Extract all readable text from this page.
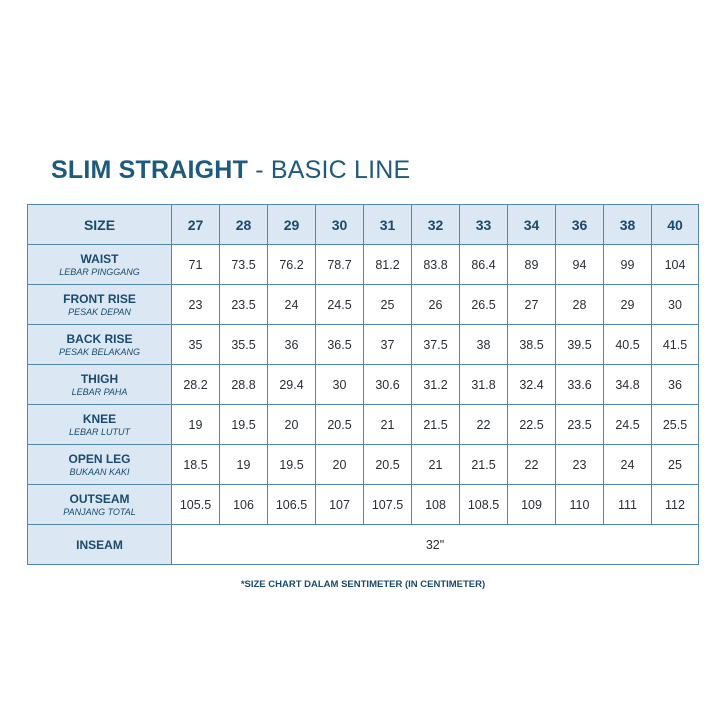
SLIM STRAIGHT - BASIC LINE
SIZE	27	28	29	30	31	32	33	34	36	38	40

WAIST
LEBAR PINGGANG	71	73.5	76.2	78.7	81.2	83.8	86.4	89	94	99	104

FRONT RISE
PESAK DEPAN	23	23.5	24	24.5	25	26	26.5	27	28	29	30

BACK RISE
PESAK BELAKANG	35	35.5	36	36.5	37	37.5	38	38.5	39.5	40.5	41.5

THIGH
LEBAR PAHA	28.2	28.8	29.4	30	30.6	31.2	31.8	32.4	33.6	34.8	36

KNEE
LEBAR LUTUT	19	19.5	20	20.5	21	21.5	22	22.5	23.5	24.5	25.5

OPEN LEG
BUKAAN KAKI	18.5	19	19.5	20	20.5	21	21.5	22	23	24	25

OUTSEAM
PANJANG TOTAL	105.5	106	106.5	107	107.5	108	108.5	109	110	111	112

INSEAM	32"										
*SIZE CHART DALAM SENTIMETER (IN CENTIMETER)
